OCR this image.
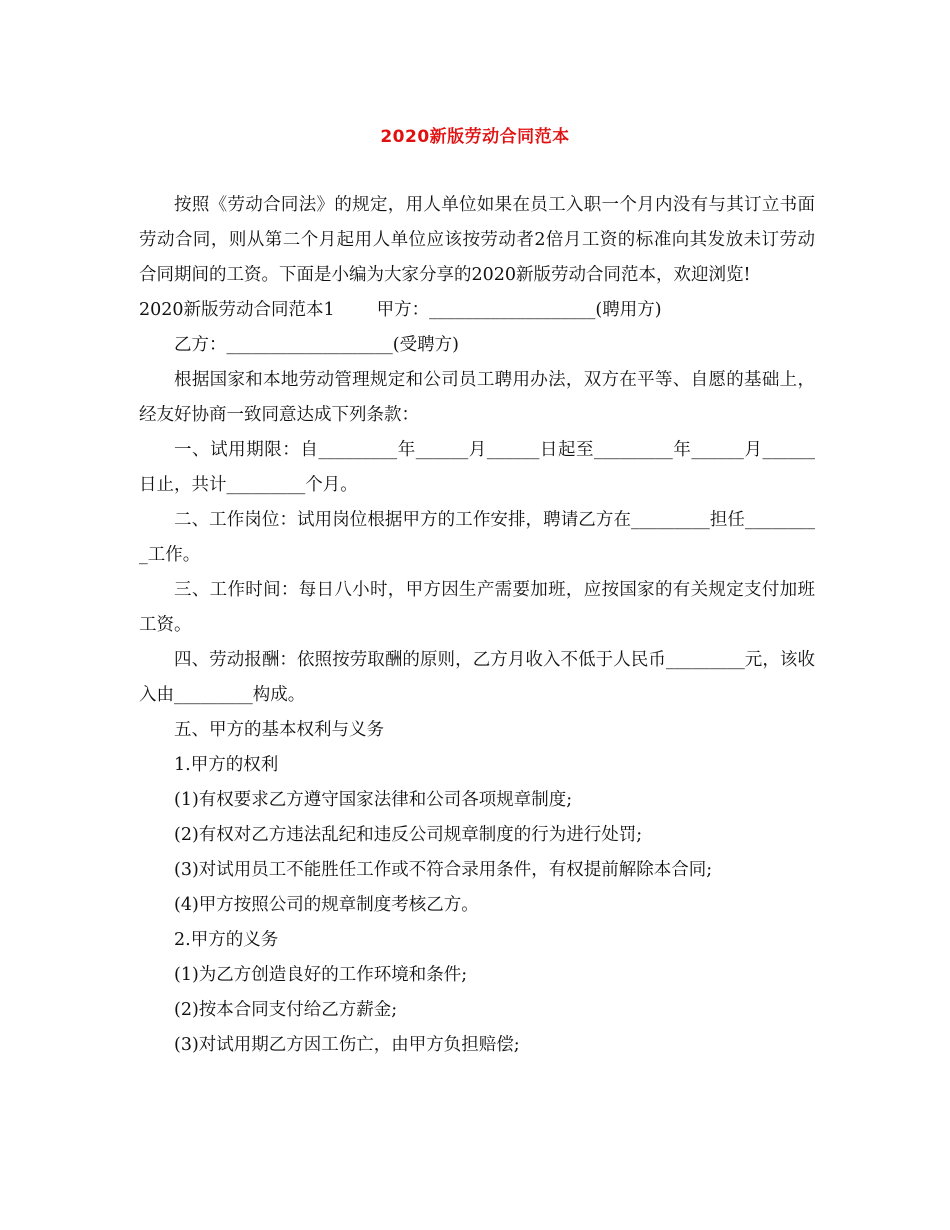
2020新版劳动合同范本

按照《劳动合同法》的规定，用人单位如果在员工入职一个月内没有与其订立书面劳动合同，则从第二个月起用人单位应该按劳动者2倍月工资的标准向其发放未订劳动合同期间的工资。下面是小编为大家分享的2020新版劳动合同范本，欢迎浏览!

2020新版劳动合同范本1 甲方：___________________(聘用方)

乙方：___________________(受聘方)

根据国家和本地劳动管理规定和公司员工聘用办法，双方在平等、自愿的基础上，经友好协商一致同意达成下列条款：

一、试用期限：自_________年______月______日起至_________年______月______日止，共计_________个月。

二、工作岗位：试用岗位根据甲方的工作安排，聘请乙方在_________担任_________工作。

三、工作时间：每日八小时，甲方因生产需要加班，应按国家的有关规定支付加班工资。

四、劳动报酬：依照按劳取酬的原则，乙方月收入不低于人民币_________元，该收入由_________构成。

五、甲方的基本权利与义务

1.甲方的权利

(1)有权要求乙方遵守国家法律和公司各项规章制度;

(2)有权对乙方违法乱纪和违反公司规章制度的行为进行处罚;

(3)对试用员工不能胜任工作或不符合录用条件，有权提前解除本合同;

(4)甲方按照公司的规章制度考核乙方。

2.甲方的义务

(1)为乙方创造良好的工作环境和条件;

(2)按本合同支付给乙方薪金;

(3)对试用期乙方因工伤亡，由甲方负担赔偿;
